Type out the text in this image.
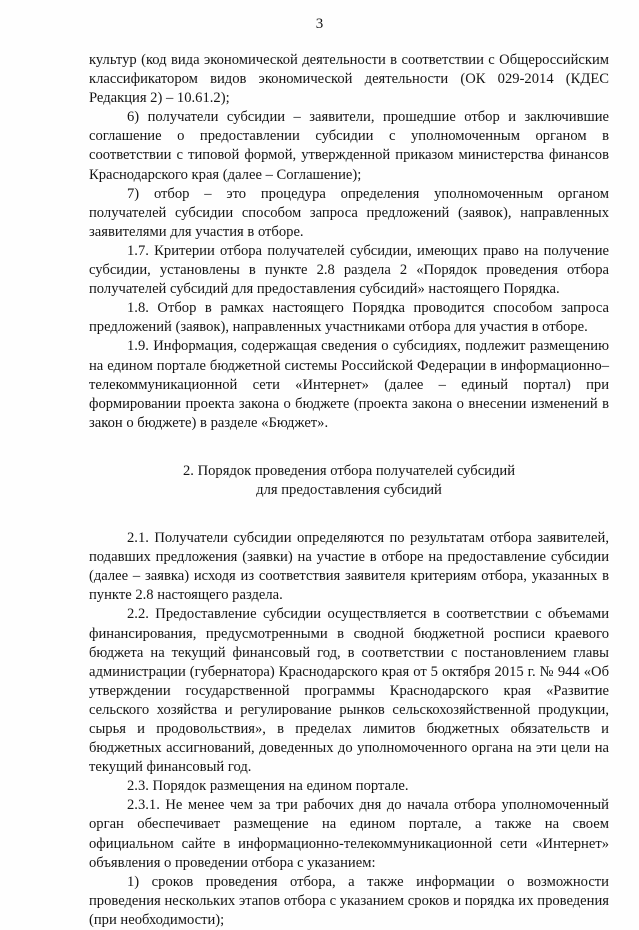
3

культур (код вида экономической деятельности в соответствии с Общероссийским классификатором видов экономической деятельности (ОК 029-2014 (КДЕС Редакция 2) – 10.61.2);

6) получатели субсидии – заявители, прошедшие отбор и заключившие соглашение о предоставлении субсидии с уполномоченным органом в соответствии с типовой формой, утвержденной приказом министерства финансов Краснодарского края (далее – Соглашение);

7) отбор – это процедура определения уполномоченным органом получателей субсидии способом запроса предложений (заявок), направленных заявителями для участия в отборе.

1.7. Критерии отбора получателей субсидии, имеющих право на получение субсидии, установлены в пункте 2.8 раздела 2 «Порядок проведения отбора получателей субсидий для предоставления субсидий» настоящего Порядка.

1.8. Отбор в рамках настоящего Порядка проводится способом запроса предложений (заявок), направленных участниками отбора для участия в отборе.

1.9. Информация, содержащая сведения о субсидиях, подлежит размещению на едином портале бюджетной системы Российской Федерации в информационно–телекоммуникационной сети «Интернет» (далее – единый портал) при формировании проекта закона о бюджете (проекта закона о внесении изменений в закон о бюджете) в разделе «Бюджет».

2. Порядок проведения отбора получателей субсидий
для предоставления субсидий

2.1. Получатели субсидии определяются по результатам отбора заявителей, подавших предложения (заявки) на участие в отборе на предоставление субсидии (далее – заявка) исходя из соответствия заявителя критериям отбора, указанных в пункте 2.8 настоящего раздела.

2.2. Предоставление субсидии осуществляется в соответствии с объемами финансирования, предусмотренными в сводной бюджетной росписи краевого бюджета на текущий финансовый год, в соответствии с постановлением главы администрации (губернатора) Краснодарского края от 5 октября 2015 г. № 944 «Об утверждении государственной программы Краснодарского края «Развитие сельского хозяйства и регулирование рынков сельскохозяйственной продукции, сырья и продовольствия», в пределах лимитов бюджетных обязательств и бюджетных ассигнований, доведенных до уполномоченного органа на эти цели на текущий финансовый год.

2.3. Порядок размещения на едином портале.

2.3.1. Не менее чем за три рабочих дня до начала отбора уполномоченный орган обеспечивает размещение на едином портале, а также на своем официальном сайте в информационно-телекоммуникационной сети «Интернет» объявления о проведении отбора с указанием:

1) сроков проведения отбора, а также информации о возможности проведения нескольких этапов отбора с указанием сроков и порядка их проведения (при необходимости);
